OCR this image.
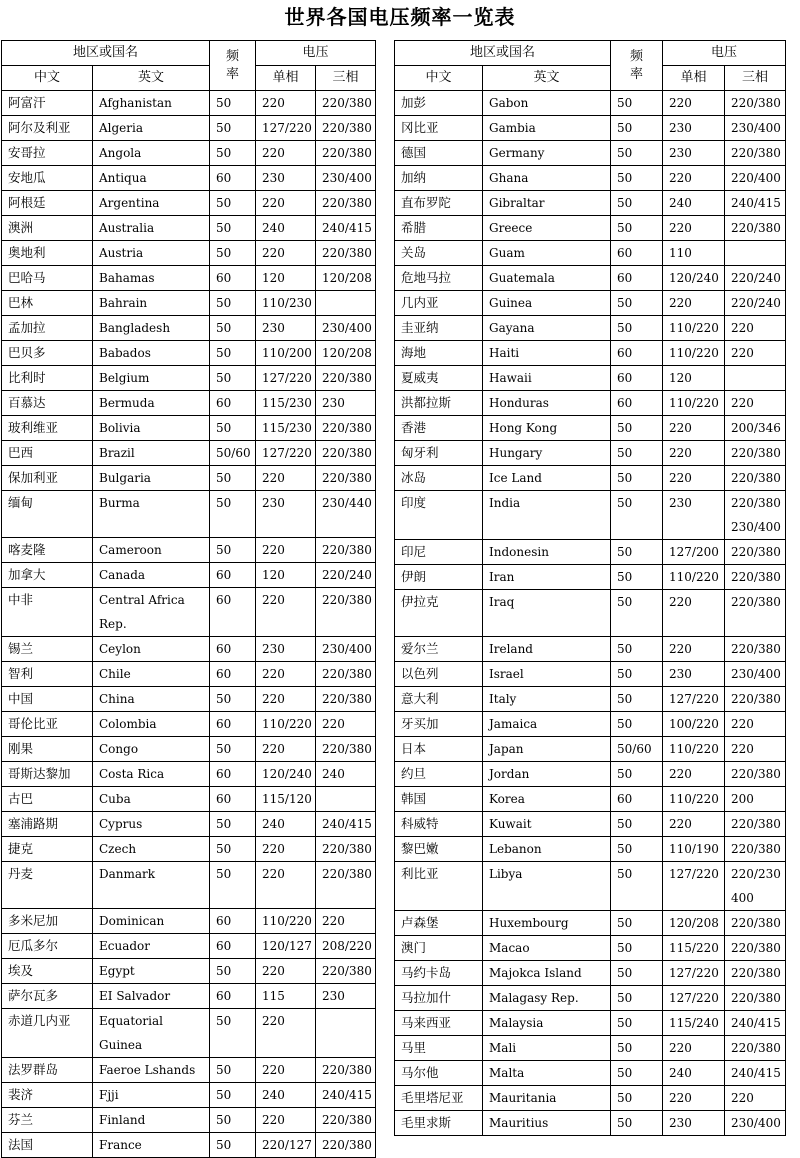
世界各国电压频率一览表
地区或国名		频
率	电压	
中文	英文		单相	三相
阿富汗	Afghanistan	50	220	220/380
阿尔及利亚	Algeria	50	127/220	220/380
安哥拉	Angola	50	220	220/380
安地瓜	Antiqua	60	230	230/400
阿根廷	Argentina	50	220	220/380
澳洲	Australia	50	240	240/415
奥地利	Austria	50	220	220/380
巴哈马	Bahamas	60	120	120/208
巴林	Bahrain	50	110/230	
孟加拉	Bangladesh	50	230	230/400
巴贝多	Babados	50	110/200	120/208
比利时	Belgium	50	127/220	220/380
百慕达	Bermuda	60	115/230	230
玻利维亚	Bolivia	50	115/230	220/380
巴西	Brazil	50/60	127/220	220/380
保加利亚	Bulgaria	50	220	220/380
缅甸	Burma	50	230	230/440
喀麦隆	Cameroon	50	220	220/380
加拿大	Canada	60	120	220/240
中非	Central Africa Rep.	60	220	220/380
锡兰	Ceylon	60	230	230/400
智利	Chile	60	220	220/380
中国	China	50	220	220/380
哥伦比亚	Colombia	60	110/220	220
刚果	Congo	50	220	220/380
哥斯达黎加	Costa Rica	60	120/240	240
古巴	Cuba	60	115/120	
塞浦路期	Cyprus	50	240	240/415
捷克	Czech	50	220	220/380
丹麦	Danmark	50	220	220/380
多米尼加	Dominican	60	110/220	220
厄瓜多尔	Ecuador	60	120/127	208/220
埃及	Egypt	50	220	220/380
萨尔瓦多	EI Salvador	60	115	230
赤道几内亚	Equatorial Guinea	50	220	
法罗群岛	Faeroe Lshands	50	220	220/380
裴济	Fjji	50	240	240/415
芬兰	Finland	50	220	220/380
法国	France	50	220/127	220/380
地区或国名		频
率	电压	
中文	英文		单相	三相
加彭	Gabon	50	220	220/380
冈比亚	Gambia	50	230	230/400
德国	Germany	50	230	220/380
加纳	Ghana	50	220	220/400
直布罗陀	Gibraltar	50	240	240/415
希腊	Greece	50	220	220/380
关岛	Guam	60	110	
危地马拉	Guatemala	60	120/240	220/240
几内亚	Guinea	50	220	220/240
圭亚纳	Gayana	50	110/220	220
海地	Haiti	60	110/220	220
夏威夷	Hawaii	60	120	
洪都拉斯	Honduras	60	110/220	220
香港	Hong Kong	50	220	200/346
匈牙利	Hungary	50	220	220/380
冰岛	Ice Land	50	220	220/380
印度	India	50	230	220/380 230/400
印尼	Indonesin	50	127/200	220/380
伊朗	Iran	50	110/220	220/380
伊拉克	Iraq	50	220	220/380
爱尔兰	Ireland	50	220	220/380
以色列	Israel	50	230	230/400
意大利	Italy	50	127/220	220/380
牙买加	Jamaica	50	100/220	220
日本	Japan	50/60	110/220	220
约旦	Jordan	50	220	220/380
韩国	Korea	60	110/220	200
科威特	Kuwait	50	220	220/380
黎巴嫩	Lebanon	50	110/190	220/380
利比亚	Libya	50	127/220	220/230 400
卢森堡	Huxembourg	50	120/208	220/380
澳门	Macao	50	115/220	220/380
马约卡岛	Majokca Island	50	127/220	220/380
马拉加什	Malagasy Rep.	50	127/220	220/380
马来西亚	Malaysia	50	115/240	240/415
马里	Mali	50	220	220/380
马尔他	Malta	50	240	240/415
毛里塔尼亚	Mauritania	50	220	220
毛里求斯	Mauritius	50	230	230/400
